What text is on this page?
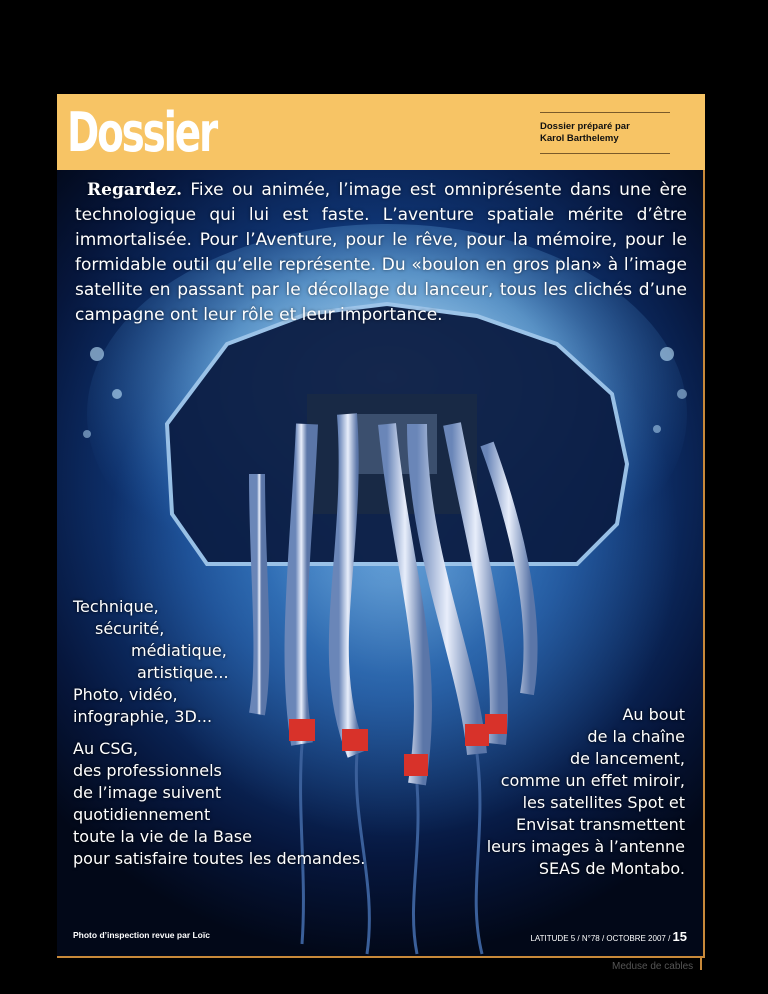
Dossier	Dossier préparé par
Karol Barthelemy
Regardez. Fixe ou animée, l’image est omniprésente dans une ère technologique qui lui est faste. L’aventure spatiale mérite d’être immortalisée. Pour l’Aventure, pour le rêve, pour la mémoire, pour le formidable outil qu’elle représente. Du «boulon en gros plan» à l’image satellite en passant par le décollage du lanceur, tous les clichés d’une campagne ont leur rôle et leur importance.
Technique,
sécurité,
médiatique,
artistique...
Photo, vidéo,
infographie, 3D...
Au CSG,
des professionnels
de l’image suivent
quotidiennement
toute la vie de la Base
pour satisfaire toutes les demandes.
Au bout
de la chaîne
de lancement,
comme un effet miroir,
les satellites Spot et
Envisat transmettent
leurs images à l’antenne
SEAS de Montabo.
Photo d’inspection revue par Loïc	LATITUDE 5 / N°78 / OCTOBRE 2007 / 15
Meduse de cables
